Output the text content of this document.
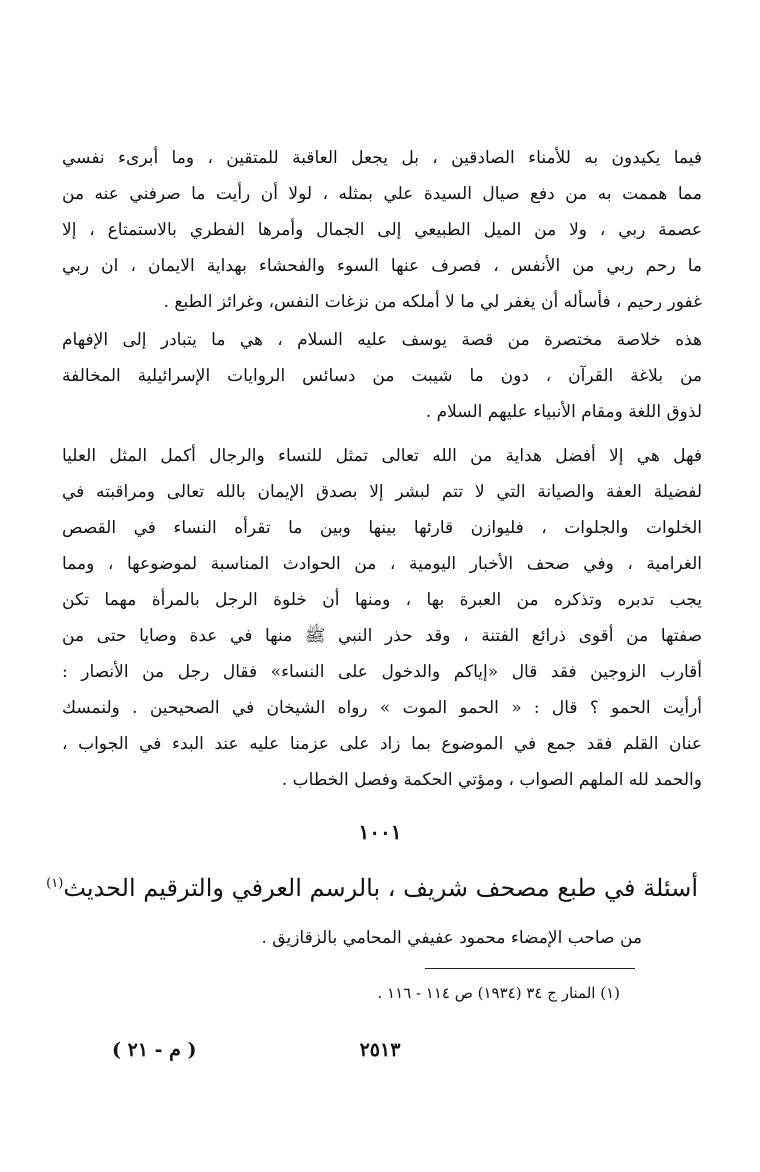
فيما يكيدون به للأمناء الصادقين ، بل يجعل العاقبة للمتقين ، وما أبرىء نفسي
مما هممت به من دفع صيال السيدة علي بمثله ، لولا أن رأيت ما صرفني عنه من
عصمة ربي ، ولا من الميل الطبيعي إلى الجمال وأمرها الفطري بالاستمتاع ، إلا
ما رحم ربي من الأنفس ، فصرف عنها السوء والفحشاء بهداية الايمان ، ان ربي
غفور رحيم ، فأسأله أن يغفر لي ما لا أملكه من نزغات النفس، وغرائز الطبع .
هذه خلاصة مختصرة من قصة يوسف عليه السلام ، هي ما يتبادر إلى الإفهام
من بلاغة القرآن ، دون ما شيبت من دسائس الروايات الإسرائيلية المخالفة
لذوق اللغة ومقام الأنبياء عليهم السلام .
فهل هي إلا أفضل هداية من الله تعالى تمثل للنساء والرجال أكمل المثل العليا
لفضيلة العفة والصيانة التي لا تتم لبشر إلا بصدق الإيمان بالله تعالى ومراقبته في
الخلوات والجلوات ، فليوازن قارئها بينها وبين ما تقرأه النساء في القصص
الغرامية ، وفي صحف الأخبار اليومية ، من الحوادث المناسبة لموضوعها ، ومما
يجب تدبره وتذكره من العبرة بها ، ومنها أن خلوة الرجل بالمرأة مهما تكن
صفتها من أقوى ذرائع الفتنة ، وقد حذر النبي ﷺ منها في عدة وصايا حتى من
أقارب الزوجين فقد قال «إياكم والدخول على النساء» فقال رجل من الأنصار :
أرأيت الحمو ؟ قال : « الحمو الموت » رواه الشيخان في الصحيحين . ولنمسك
عنان القلم فقد جمع في الموضوع بما زاد على عزمنا عليه عند البدء في الجواب ،
والحمد لله الملهم الصواب ، ومؤتي الحكمة وفصل الخطاب .
١٠٠١
أسئلة في طبع مصحف شريف ، بالرسم العرفي والترقيم الحديث$^{(١)}$
من صاحب الإمضاء محمود عفيفي المحامي بالزقازيق .
(١) المنار ج ٣٤ (١٩٣٤) ص ١١٤ - ١١٦ .
٢٥١٣
( م - ٢١ )
